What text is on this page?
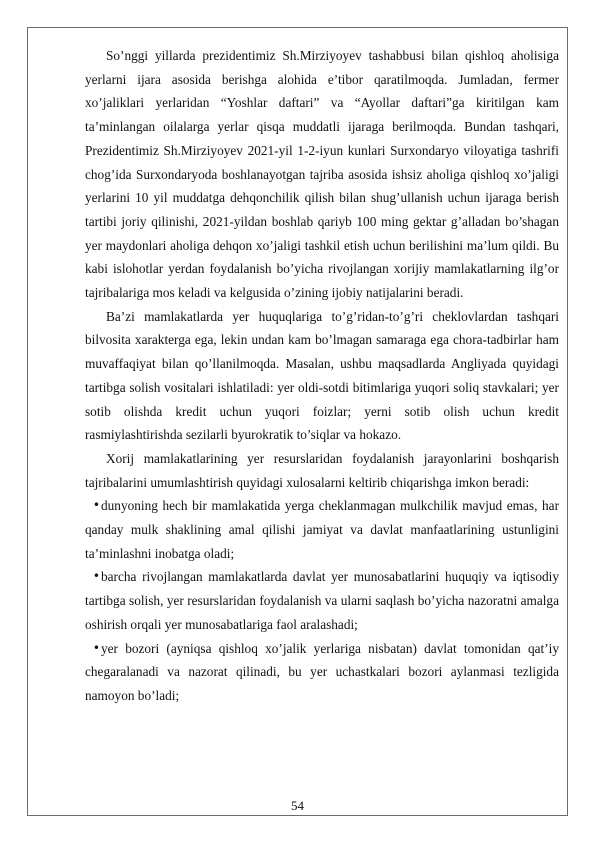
So’nggi yillarda prezidentimiz Sh.Mirziyoyev tashabbusi bilan qishloq aholisiga yerlarni ijara asosida berishga alohida e’tibor qaratilmoqda. Jumladan, fermer xo’jaliklari yerlaridan “Yoshlar daftari” va “Ayollar daftari”ga kiritilgan kam ta’minlangan oilalarga yerlar qisqa muddatli ijaraga berilmoqda. Bundan tashqari, Prezidentimiz Sh.Mirziyoyev 2021-yil 1-2-iyun kunlari Surxondaryo viloyatiga tashrifi chog’ida Surxondaryoda boshlanayotgan tajriba asosida ishsiz aholiga qishloq xo’jaligi yerlarini 10 yil muddatga dehqonchilik qilish bilan shug’ullanish uchun ijaraga berish tartibi joriy qilinishi, 2021-yildan boshlab qariyb 100 ming gektar g’alladan bo’shagan yer maydonlari aholiga dehqon xo’jaligi tashkil etish uchun berilishini ma’lum qildi. Bu kabi islohotlar yerdan foydalanish bo’yicha rivojlangan xorijiy mamlakatlarning ilg’or tajribalariga mos keladi va kelgusida o’zining ijobiy natijalarini beradi.

Ba’zi mamlakatlarda yer huquqlariga to’g’ridan-to’g’ri cheklovlardan tashqari bilvosita xarakterga ega, lekin undan kam bo’lmagan samaraga ega chora-tadbirlar ham muvaffaqiyat bilan qo’llanilmoqda. Masalan, ushbu maqsadlarda Angliyada quyidagi tartibga solish vositalari ishlatiladi: yer oldi-sotdi bitimlariga yuqori soliq stavkalari; yer sotib olishda kredit uchun yuqori foizlar; yerni sotib olish uchun kredit rasmiylashtirishda sezilarli byurokratik to’siqlar va hokazo.

Xorij mamlakatlarining yer resurslaridan foydalanish jarayonlarini boshqarish tajribalarini umumlashtirish quyidagi xulosalarni keltirib chiqarishga imkon beradi:

• dunyoning hech bir mamlakatida yerga cheklanmagan mulkchilik mavjud emas, har qanday mulk shaklining amal qilishi jamiyat va davlat manfaatlarining ustunligini ta’minlashni inobatga oladi;
• barcha rivojlangan mamlakatlarda davlat yer munosabatlarini huquqiy va iqtisodiy tartibga solish, yer resurslaridan foydalanish va ularni saqlash bo’yicha nazoratni amalga oshirish orqali yer munosabatlariga faol aralashadi;
• yer bozori (ayniqsa qishloq xo’jalik yerlariga nisbatan) davlat tomonidan qat’iy chegaralanadi va nazorat qilinadi, bu yer uchastkalari bozori aylanmasi tezligida namoyon bo’ladi;
54
